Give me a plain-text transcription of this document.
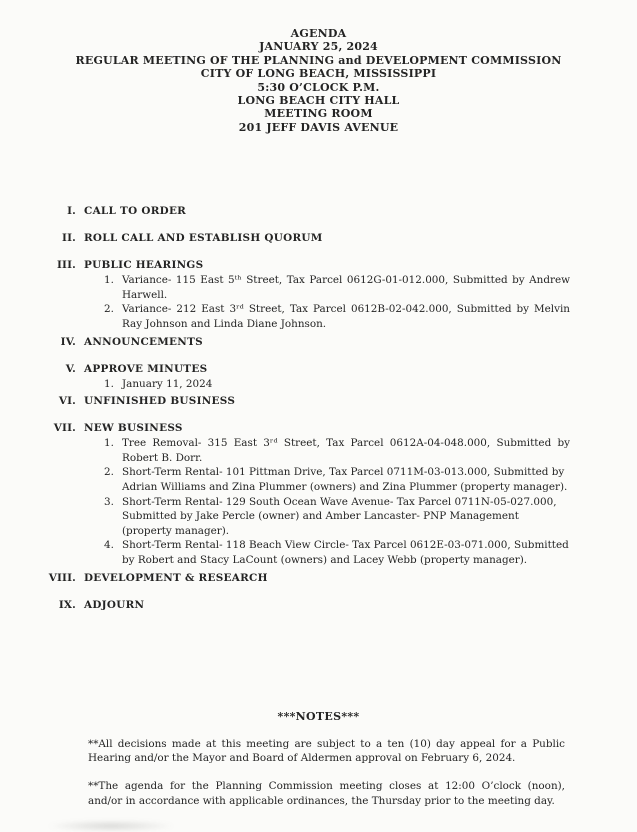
AGENDA
JANUARY 25, 2024
REGULAR MEETING OF THE PLANNING and DEVELOPMENT COMMISSION
CITY OF LONG BEACH, MISSISSIPPI
5:30 O’CLOCK P.M.
LONG BEACH CITY HALL
MEETING ROOM
201 JEFF DAVIS AVENUE
I. CALL TO ORDER
II. ROLL CALL AND ESTABLISH QUORUM
III. PUBLIC HEARINGS
1. Variance- 115 East 5ᵗʰ Street, Tax Parcel 0612G-01-012.000, Submitted by Andrew Harwell.

2. Variance- 212 East 3ʳᵈ Street, Tax Parcel 0612B-02-042.000, Submitted by Melvin Ray Johnson and Linda Diane Johnson.

IV. ANNOUNCEMENTS
V. APPROVE MINUTES
1. January 11, 2024

VI. UNFINISHED BUSINESS
VII. NEW BUSINESS
1. Tree Removal- 315 East 3ʳᵈ Street, Tax Parcel 0612A-04-048.000, Submitted by Robert B. Dorr.

2. Short-Term Rental- 101 Pittman Drive, Tax Parcel 0711M-03-013.000, Submitted by Adrian Williams and Zina Plummer (owners) and Zina Plummer (property manager).

3. Short-Term Rental- 129 South Ocean Wave Avenue- Tax Parcel 0711N-05-027.000, Submitted by Jake Percle (owner) and Amber Lancaster- PNP Management (property manager).

4. Short-Term Rental- 118 Beach View Circle- Tax Parcel 0612E-03-071.000, Submitted by Robert and Stacy LaCount (owners) and Lacey Webb (property manager).

VIII. DEVELOPMENT & RESEARCH
IX. ADJOURN
***NOTES***

**All decisions made at this meeting are subject to a ten (10) day appeal for a Public Hearing and/or the Mayor and Board of Aldermen approval on February 6, 2024.

**The agenda for the Planning Commission meeting closes at 12:00 O’clock (noon), and/or in accordance with applicable ordinances, the Thursday prior to the meeting day.
